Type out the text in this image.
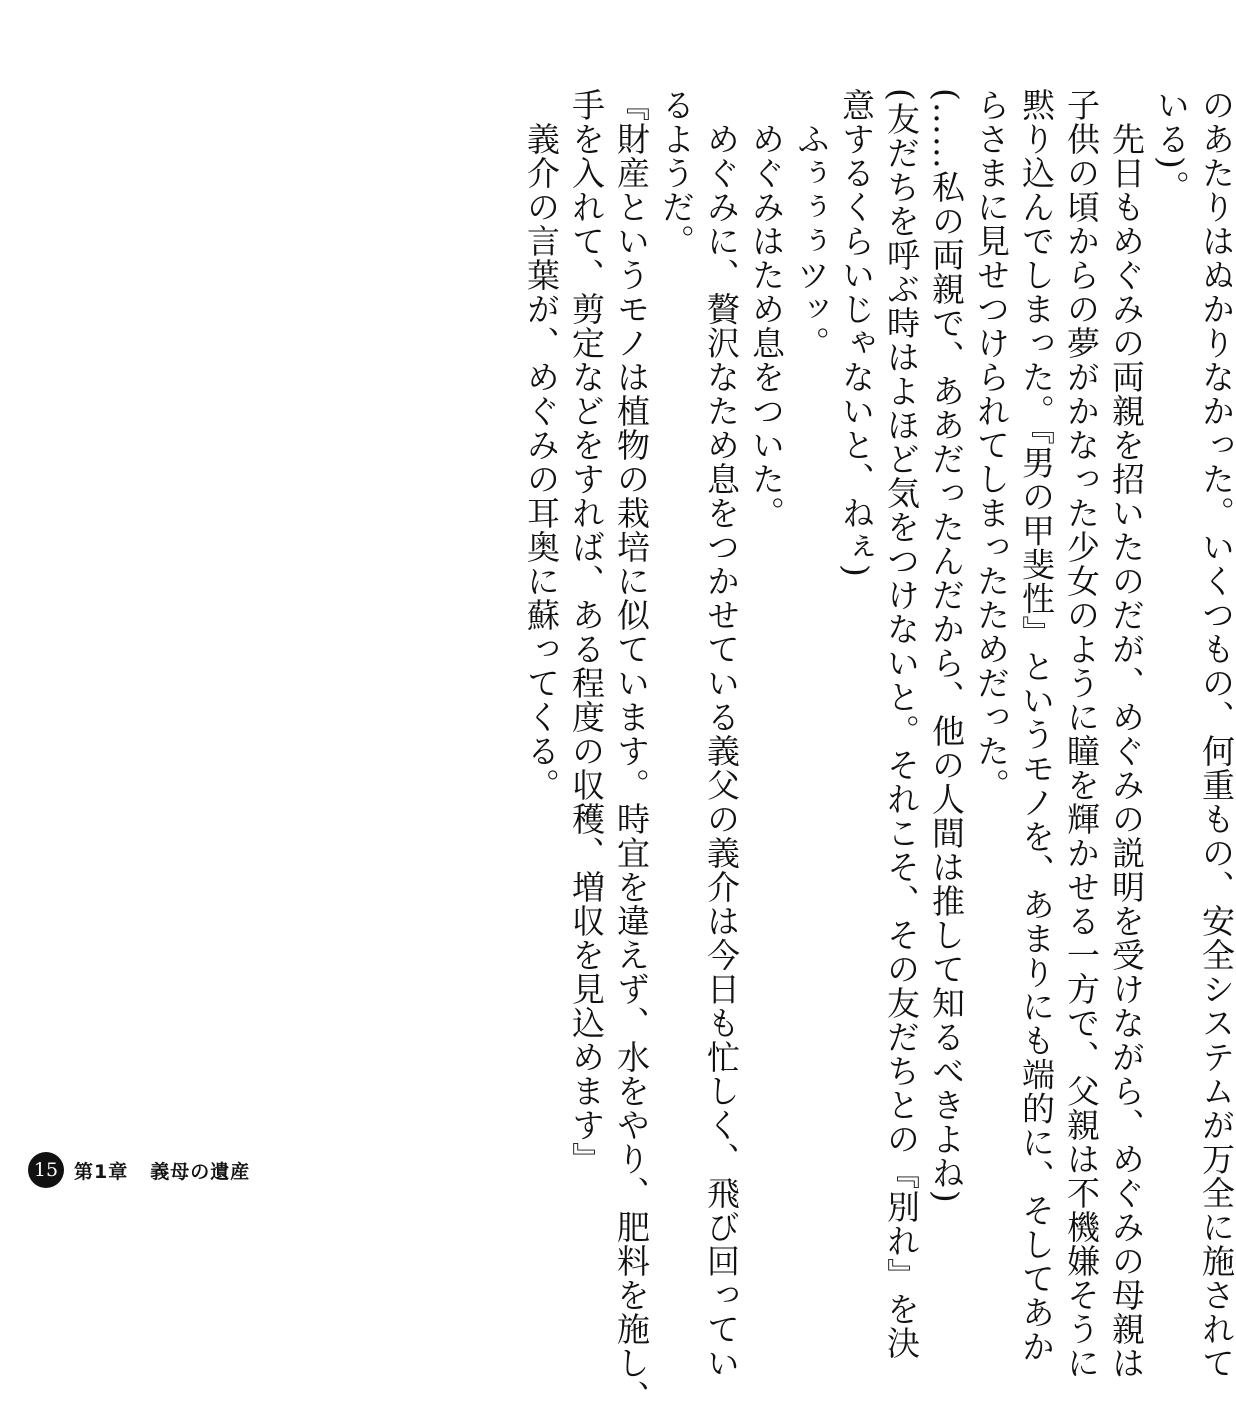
のあたりはぬかりなかった。いくつもの、何重もの、安全システムが万全に施されて
いる)。
先日もめぐみの両親を招いたのだが、めぐみの説明を受けながら、めぐみの母親は
子供の頃からの夢がかなった少女のように瞳を輝かせる一方で、父親は不機嫌そうに
黙り込んでしまった。『男の甲斐性』というモノを、あまりにも端的に、そしてあか
らさまに見せつけられてしまったためだった。
(……私の両親で、ああだったんだから、他の人間は推して知るべきよね)
(友だちを呼ぶ時はよほど気をつけないと。それこそ、その友だちとの『別れ』を決
意するくらいじゃないと、ねぇ)
ふぅぅぅツッ。
めぐみはため息をついた。
めぐみに、贅沢なため息をつかせている義父の義介は今日も忙しく、飛び回ってい
るようだ。
『財産というモノは植物の栽培に似ています。時宜を違えず、水をやり、肥料を施し、
手を入れて、剪定などをすれば、ある程度の収穫、増収を見込めます』
義介の言葉が、めぐみの耳奥に蘇ってくる。
15 第1章 義母の遺産
